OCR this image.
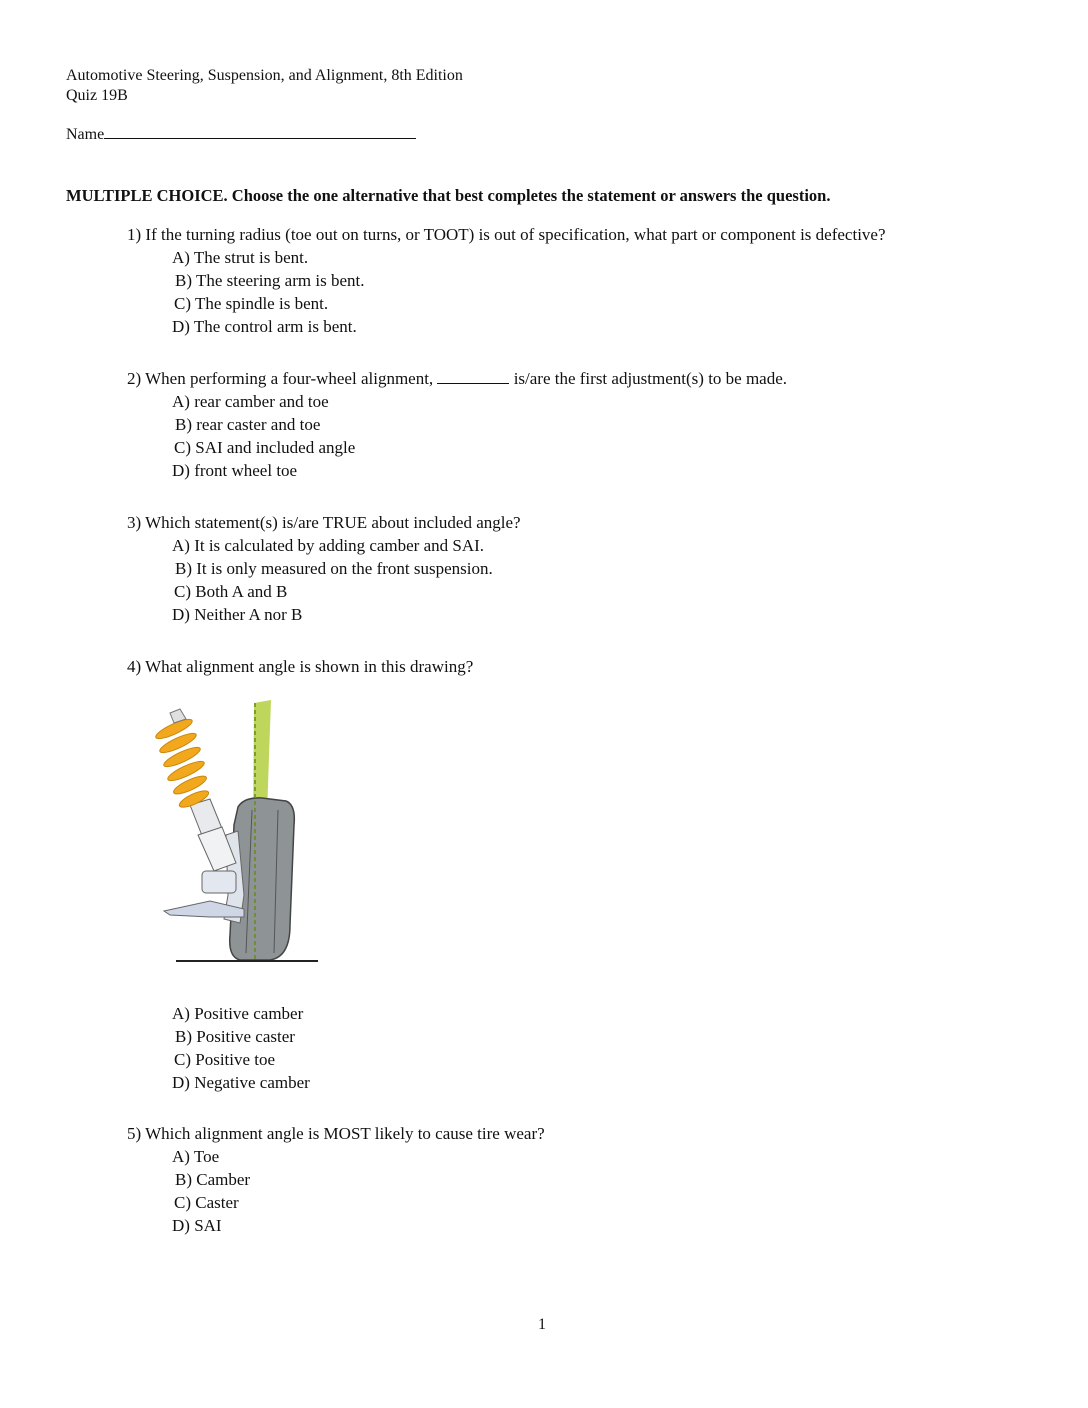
Automotive Steering, Suspension, and Alignment, 8th Edition
Quiz 19B
Name
MULTIPLE CHOICE. Choose the one alternative that best completes the statement or answers the question.
1) If the turning radius (toe out on turns, or TOOT) is out of specification, what part or component is defective?
A) The strut is bent.
B) The steering arm is bent.
C) The spindle is bent.
D) The control arm is bent.
2) When performing a four-wheel alignment,	is/are the first adjustment(s) to be made.
A) rear camber and toe
B) rear caster and toe
C) SAI and included angle
D) front wheel toe
3) Which statement(s) is/are TRUE about included angle?
A) It is calculated by adding camber and SAI.
B) It is only measured on the front suspension.
C) Both A and B
D) Neither A nor B
4) What alignment angle is shown in this drawing?
A) Positive camber
B) Positive caster
C) Positive toe
D) Negative camber
5) Which alignment angle is MOST likely to cause tire wear?
A) Toe
B) Camber
C) Caster
D) SAI
1
